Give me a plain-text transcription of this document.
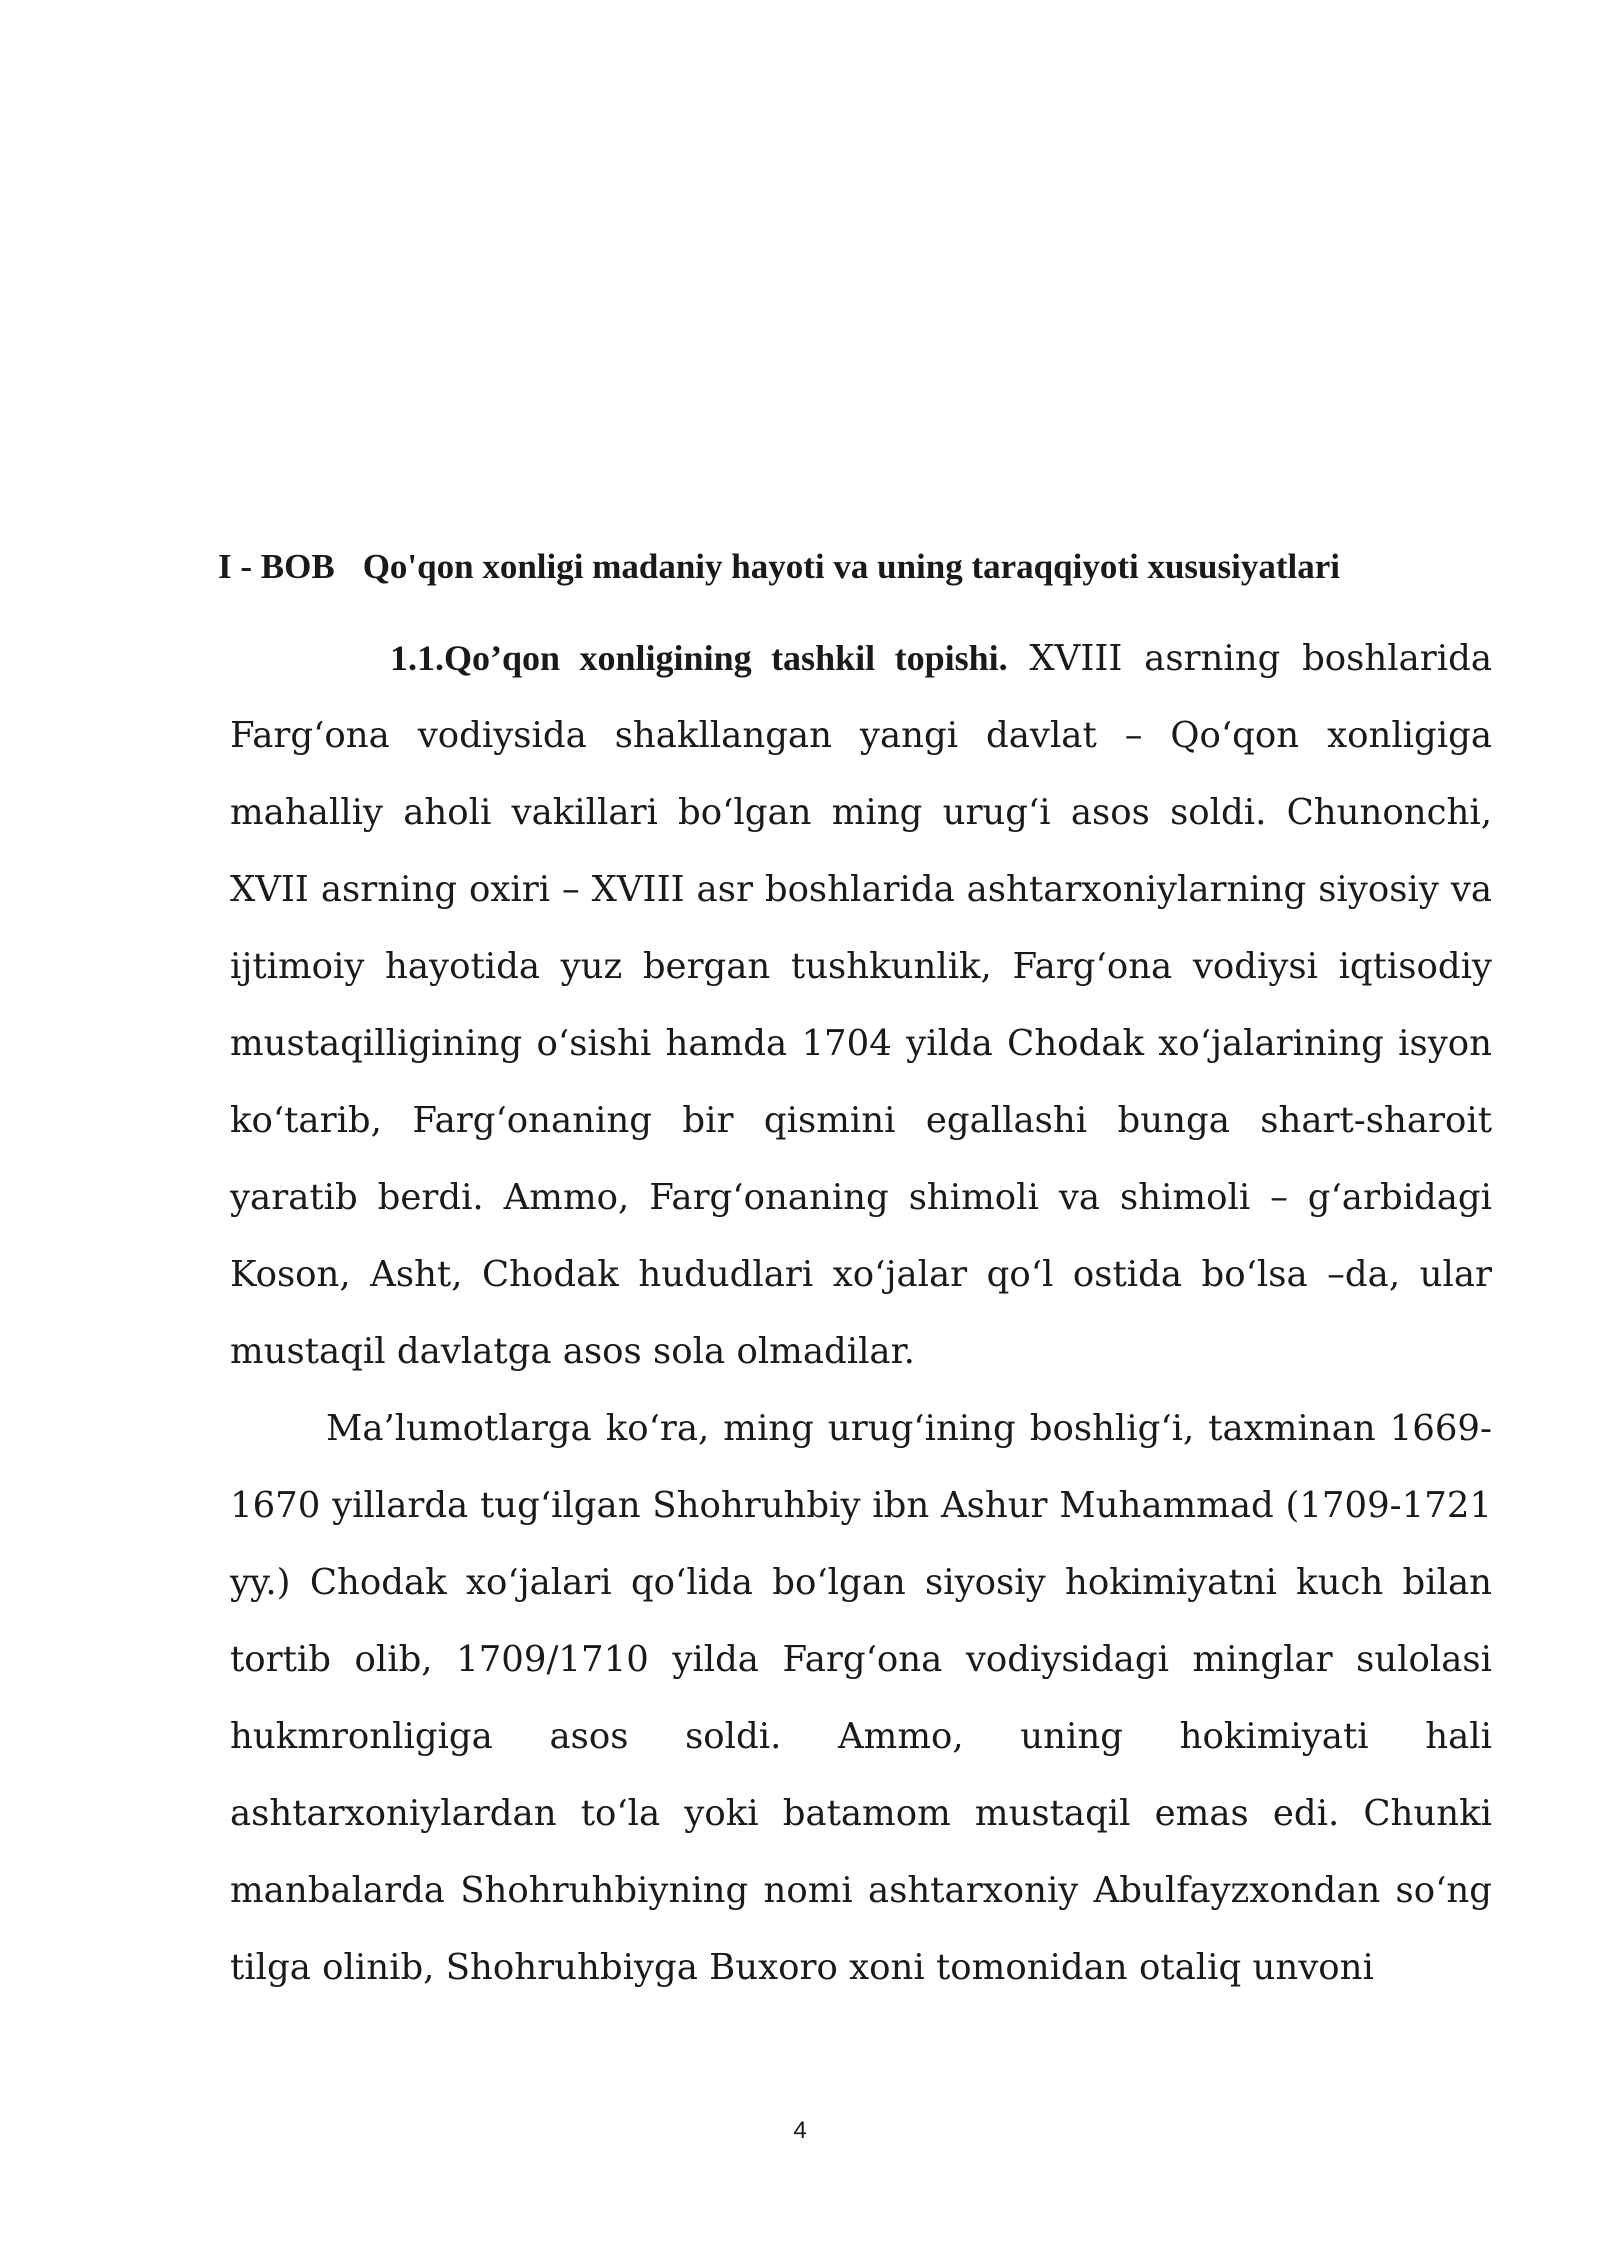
I - BOB Qo'qon xonligi madaniy hayoti va uning taraqqiyoti xususiyatlari

1.1.Qo’qon xonligining tashkil topishi. XVIII asrning boshlarida Farg‘ona vodiysida shakllangan yangi davlat – Qo‘qon xonligiga mahalliy aholi vakillari bo‘lgan ming urug‘i asos soldi. Chunonchi, XVII asrning oxiri – XVIII asr boshlarida ashtarxoniylarning siyosiy va ijtimoiy hayotida yuz bergan tushkunlik, Farg‘ona vodiysi iqtisodiy mustaqilligining o‘sishi hamda 1704 yilda Chodak xo‘jalarining isyon ko‘tarib, Farg‘onaning bir qismini egallashi bunga shart-sharoit yaratib berdi. Ammo, Farg‘onaning shimoli va shimoli – g‘arbidagi Koson, Asht, Chodak hududlari xo‘jalar qo‘l ostida bo‘lsa –da, ular mustaqil davlatga asos sola olmadilar.

Ma’lumotlarga ko‘ra, ming urug‘ining boshlig‘i, taxminan 1669-1670 yillarda tug‘ilgan Shohruhbiy ibn Ashur Muhammad (1709-1721 yy.) Chodak xo‘jalari qo‘lida bo‘lgan siyosiy hokimiyatni kuch bilan tortib olib, 1709/1710 yilda Farg‘ona vodiysidagi minglar sulolasi hukmronligiga asos soldi. Ammo, uning hokimiyati hali ashtarxoniylardan to‘la yoki batamom mustaqil emas edi. Chunki manbalarda Shohruhbiyning nomi ashtarxoniy Abulfayzxondan so‘ng tilga olinib, Shohruhbiyga Buxoro xoni tomonidan otaliq unvoni

4
